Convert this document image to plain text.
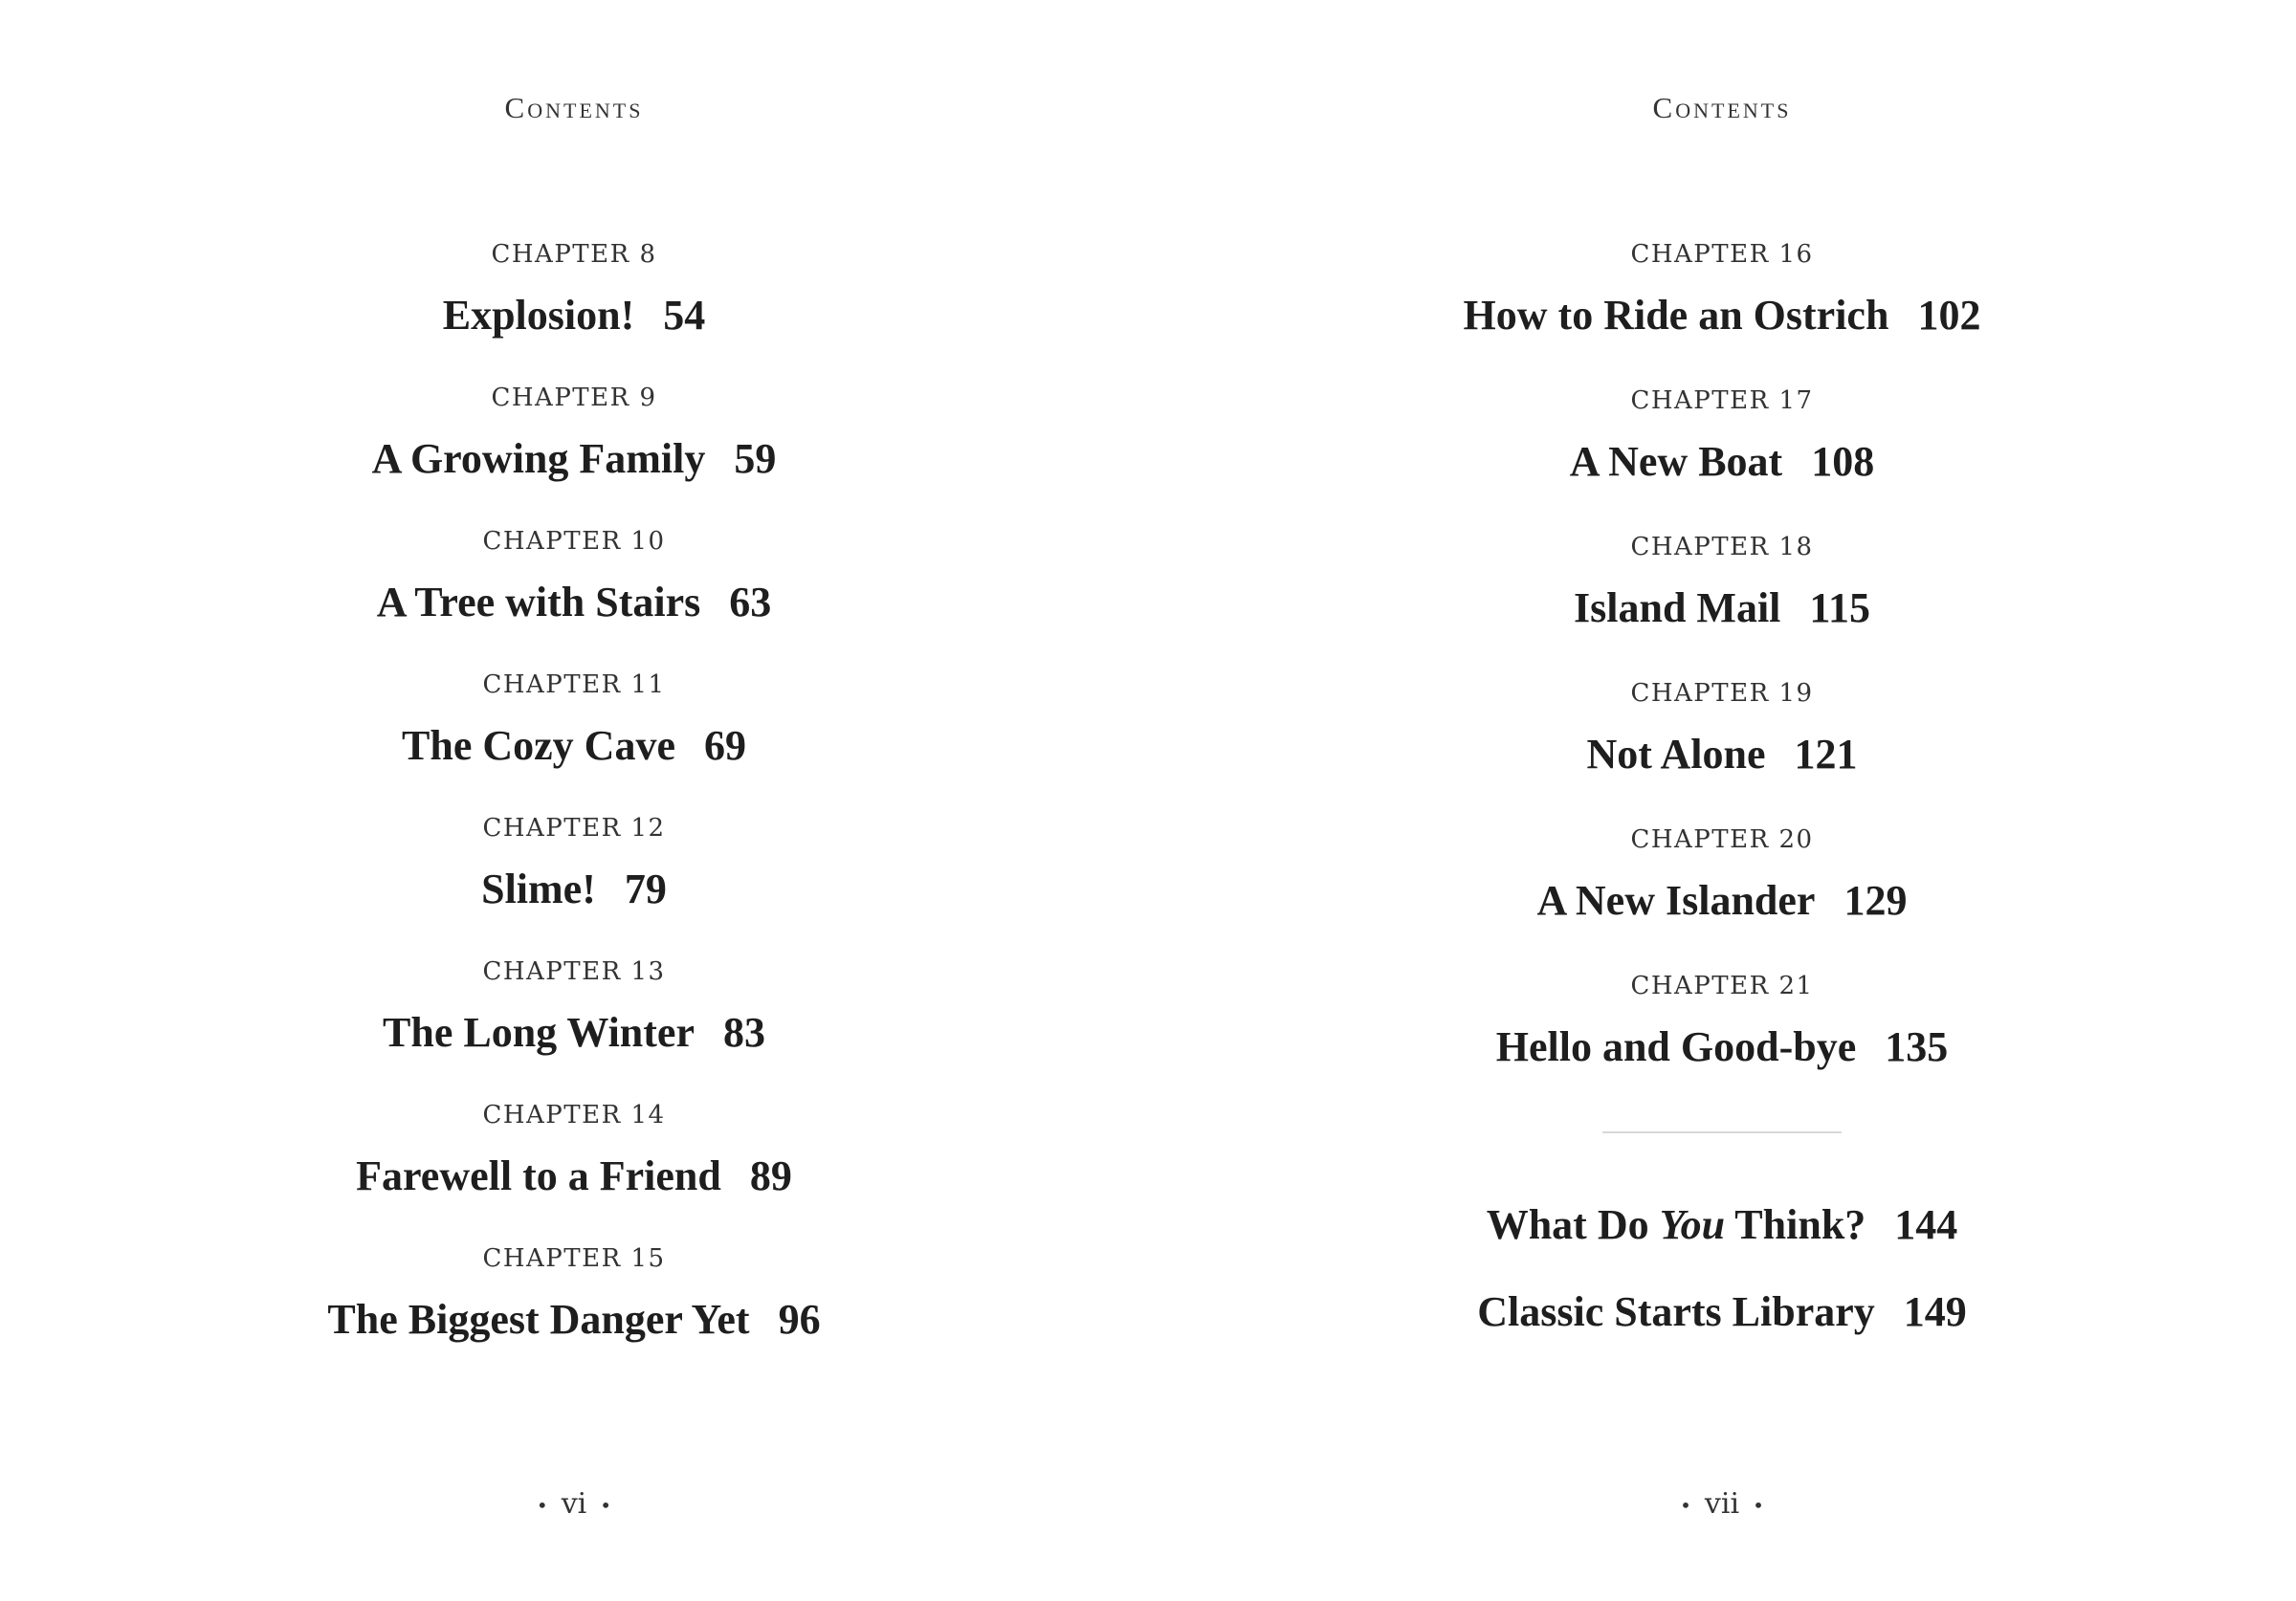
Contents
CHAPTER 8
Explosion! 54
CHAPTER 9
A Growing Family 59
CHAPTER 10
A Tree with Stairs 63
CHAPTER 11
The Cozy Cave 69
CHAPTER 12
Slime! 79
CHAPTER 13
The Long Winter 83
CHAPTER 14
Farewell to a Friend 89
CHAPTER 15
The Biggest Danger Yet 96
• vi •
Contents
CHAPTER 16
How to Ride an Ostrich 102
CHAPTER 17
A New Boat 108
CHAPTER 18
Island Mail 115
CHAPTER 19
Not Alone 121
CHAPTER 20
A New Islander 129
CHAPTER 21
Hello and Good-bye 135
What Do You Think? 144
Classic Starts Library 149
• vii •
